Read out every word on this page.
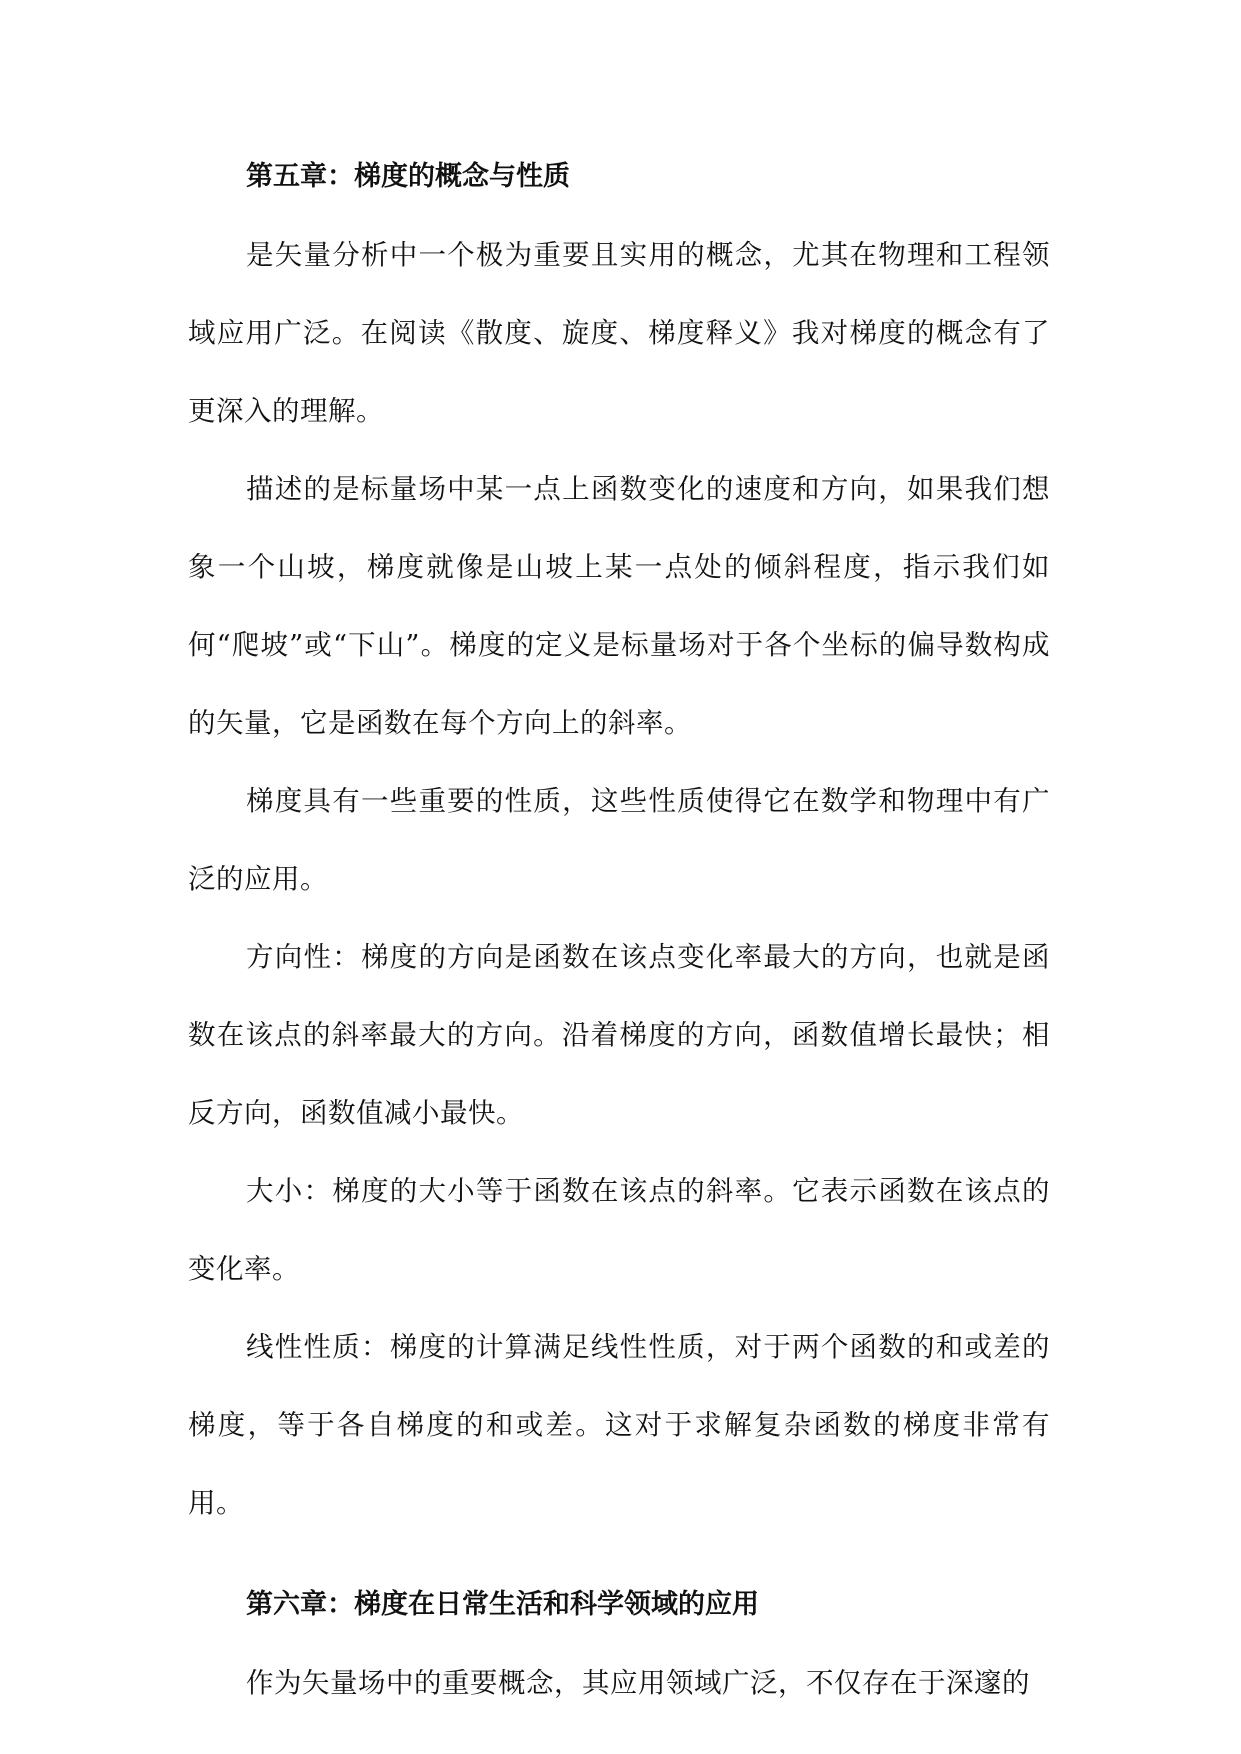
第五章：梯度的概念与性质

是矢量分析中一个极为重要且实用的概念，尤其在物理和工程领域应用广泛。在阅读《散度、旋度、梯度释义》我对梯度的概念有了更深入的理解。

描述的是标量场中某一点上函数变化的速度和方向，如果我们想象一个山坡，梯度就像是山坡上某一点处的倾斜程度，指示我们如何“爬坡”或“下山”。梯度的定义是标量场对于各个坐标的偏导数构成的矢量，它是函数在每个方向上的斜率。

梯度具有一些重要的性质，这些性质使得它在数学和物理中有广泛的应用。

方向性：梯度的方向是函数在该点变化率最大的方向，也就是函数在该点的斜率最大的方向。沿着梯度的方向，函数值增长最快；相反方向，函数值减小最快。

大小：梯度的大小等于函数在该点的斜率。它表示函数在该点的变化率。

线性性质：梯度的计算满足线性性质，对于两个函数的和或差的梯度，等于各自梯度的和或差。这对于求解复杂函数的梯度非常有用。

第六章：梯度在日常生活和科学领域的应用

作为矢量场中的重要概念，其应用领域广泛，不仅存在于深邃的
